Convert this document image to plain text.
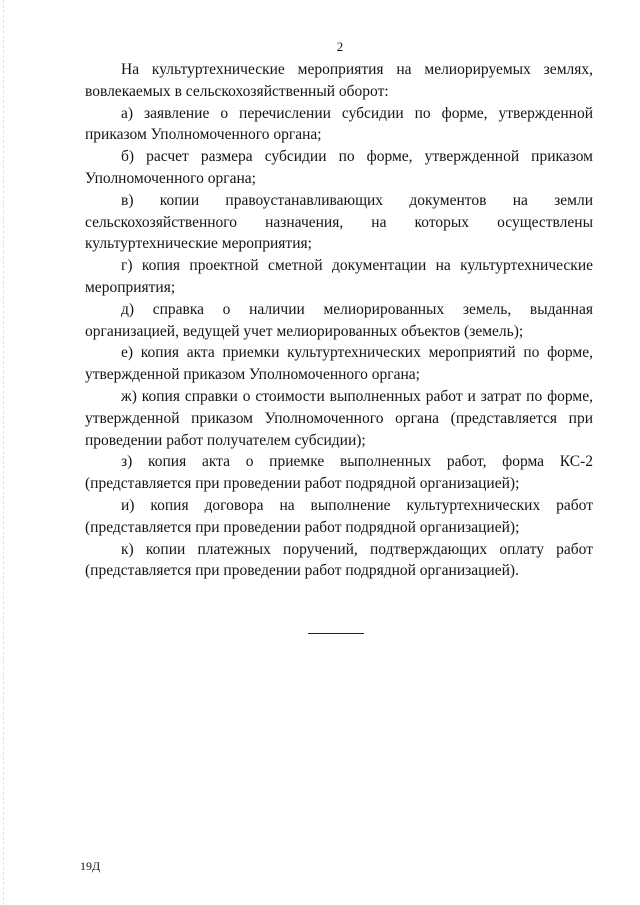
2

На культуртехнические мероприятия на мелиорируемых землях, вовлекаемых в сельскохозяйственный оборот:

а) заявление о перечислении субсидии по форме, утвержденной приказом Уполномоченного органа;

б) расчет размера субсидии по форме, утвержденной приказом Уполномоченного органа;

в) копии правоустанавливающих документов на земли сельскохозяйственного назначения, на которых осуществлены культуртехнические мероприятия;

г) копия проектной сметной документации на культуртехнические мероприятия;

д) справка о наличии мелиорированных земель, выданная организацией, ведущей учет мелиорированных объектов (земель);

е) копия акта приемки культуртехнических мероприятий по форме, утвержденной приказом Уполномоченного органа;

ж) копия справки о стоимости выполненных работ и затрат по форме, утвержденной приказом Уполномоченного органа (представляется при проведении работ получателем субсидии);

з) копия акта о приемке выполненных работ, форма КС-2 (представляется при проведении работ подрядной организацией);

и) копия договора на выполнение культуртехнических работ (представляется при проведении работ подрядной организацией);

к) копии платежных поручений, подтверждающих оплату работ (представляется при проведении работ подрядной организацией).

19Д
